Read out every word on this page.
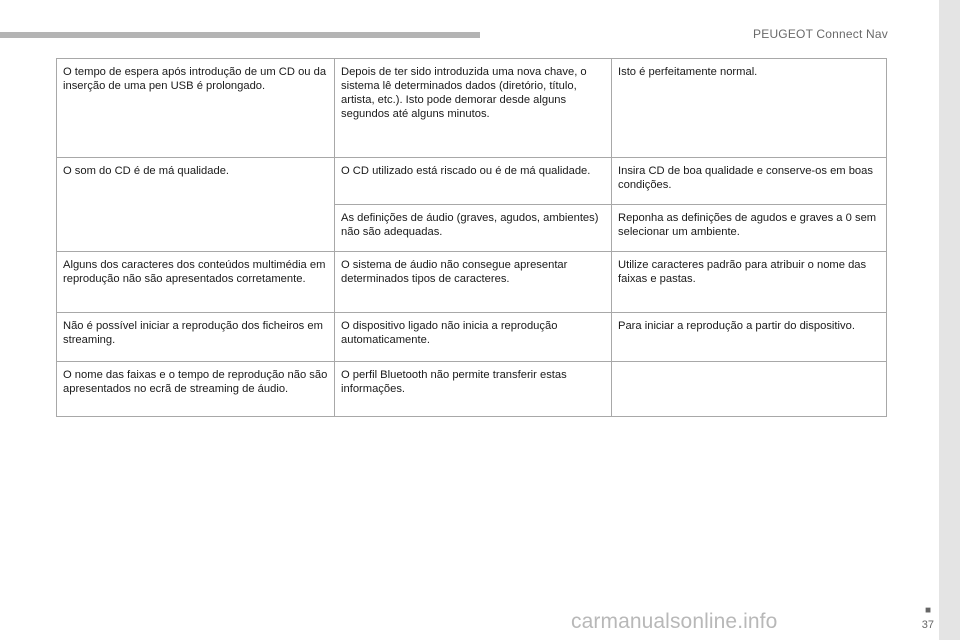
PEUGEOT Connect Nav
O tempo de espera após introdução de um CD ou da inserção de uma pen USB é prolongado.	Depois de ter sido introduzida uma nova chave, o sistema lê determinados dados (diretório, título, artista, etc.). Isto pode demorar desde alguns segundos até alguns minutos.	Isto é perfeitamente normal.
O som do CD é de má qualidade.	O CD utilizado está riscado ou é de má qualidade.	Insira CD de boa qualidade e conserve-os em boas condições.
	As definições de áudio (graves, agudos, ambientes) não são adequadas.	Reponha as definições de agudos e graves a 0 sem selecionar um ambiente.
Alguns dos caracteres dos conteúdos multimédia em reprodução não são apresentados corretamente.	O sistema de áudio não consegue apresentar determinados tipos de caracteres.	Utilize caracteres padrão para atribuir o nome das faixas e pastas.
Não é possível iniciar a reprodução dos ficheiros em streaming.	O dispositivo ligado não inicia a reprodução automaticamente.	Para iniciar a reprodução a partir do dispositivo.
O nome das faixas e o tempo de reprodução não são apresentados no ecrã de streaming de áudio.	O perfil Bluetooth não permite transferir estas informações.	
■
37
carmanualsonline.info
